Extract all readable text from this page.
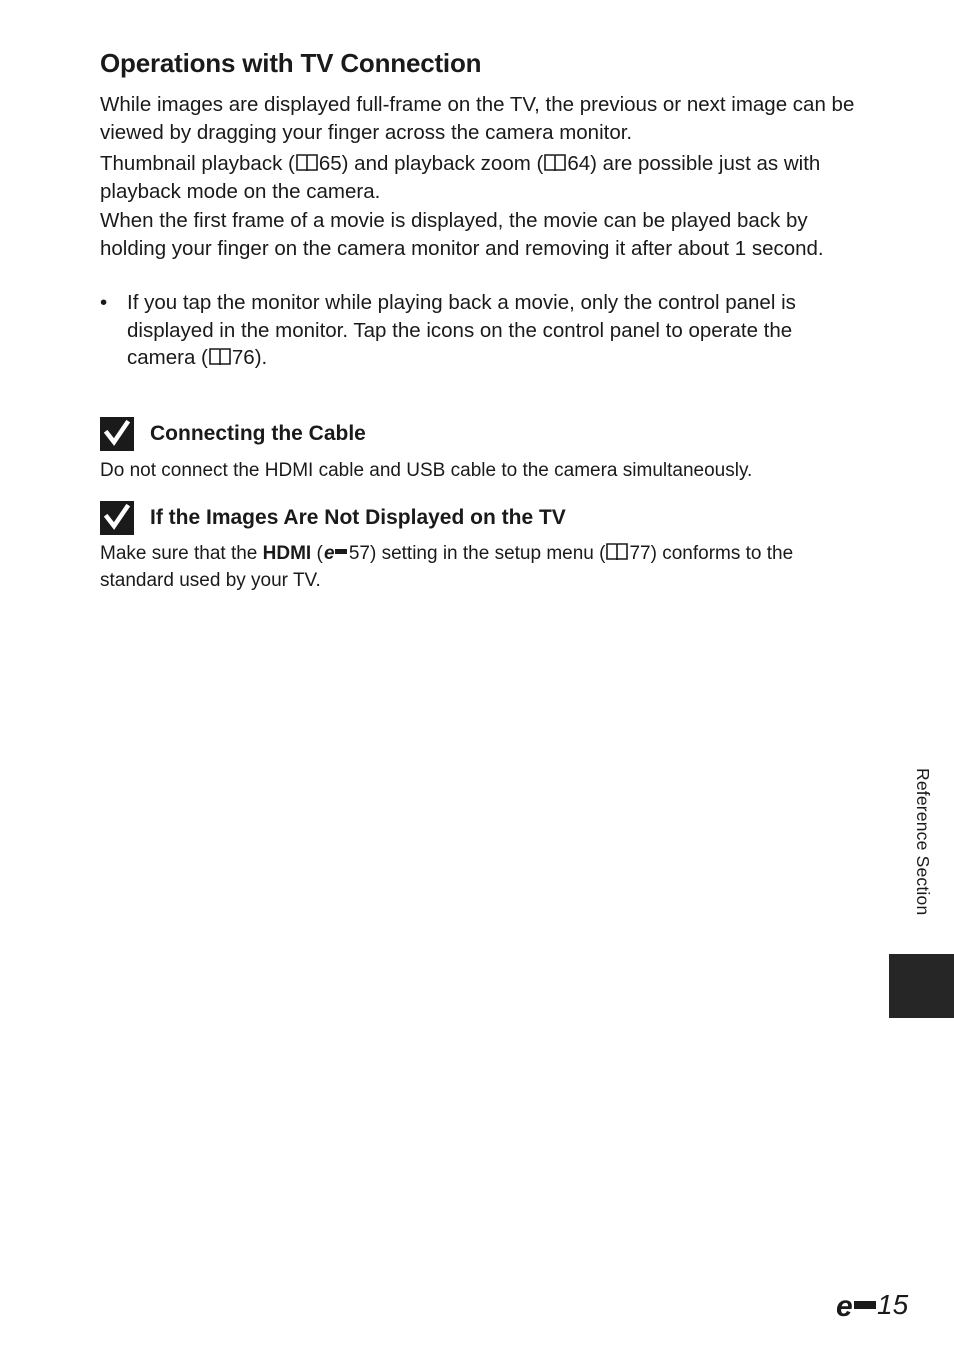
Operations with TV Connection

While images are displayed full-frame on the TV, the previous or next image can be viewed by dragging your finger across the camera monitor.

Thumbnail playback ( 65) and playback zoom ( 64) are possible just as with playback mode on the camera.

When the first frame of a movie is displayed, the movie can be played back by holding your finger on the camera monitor and removing it after about 1 second.

• If you tap the monitor while playing back a movie, only the control panel is displayed in the monitor. Tap the icons on the control panel to operate the camera ( 76).
Connecting the Cable

Do not connect the HDMI cable and USB cable to the camera simultaneously.

If the Images Are Not Displayed on the TV

Make sure that the HDMI ( e 57) setting in the setup menu ( 77) conforms to the standard used by your TV.

Reference Section
e 15
